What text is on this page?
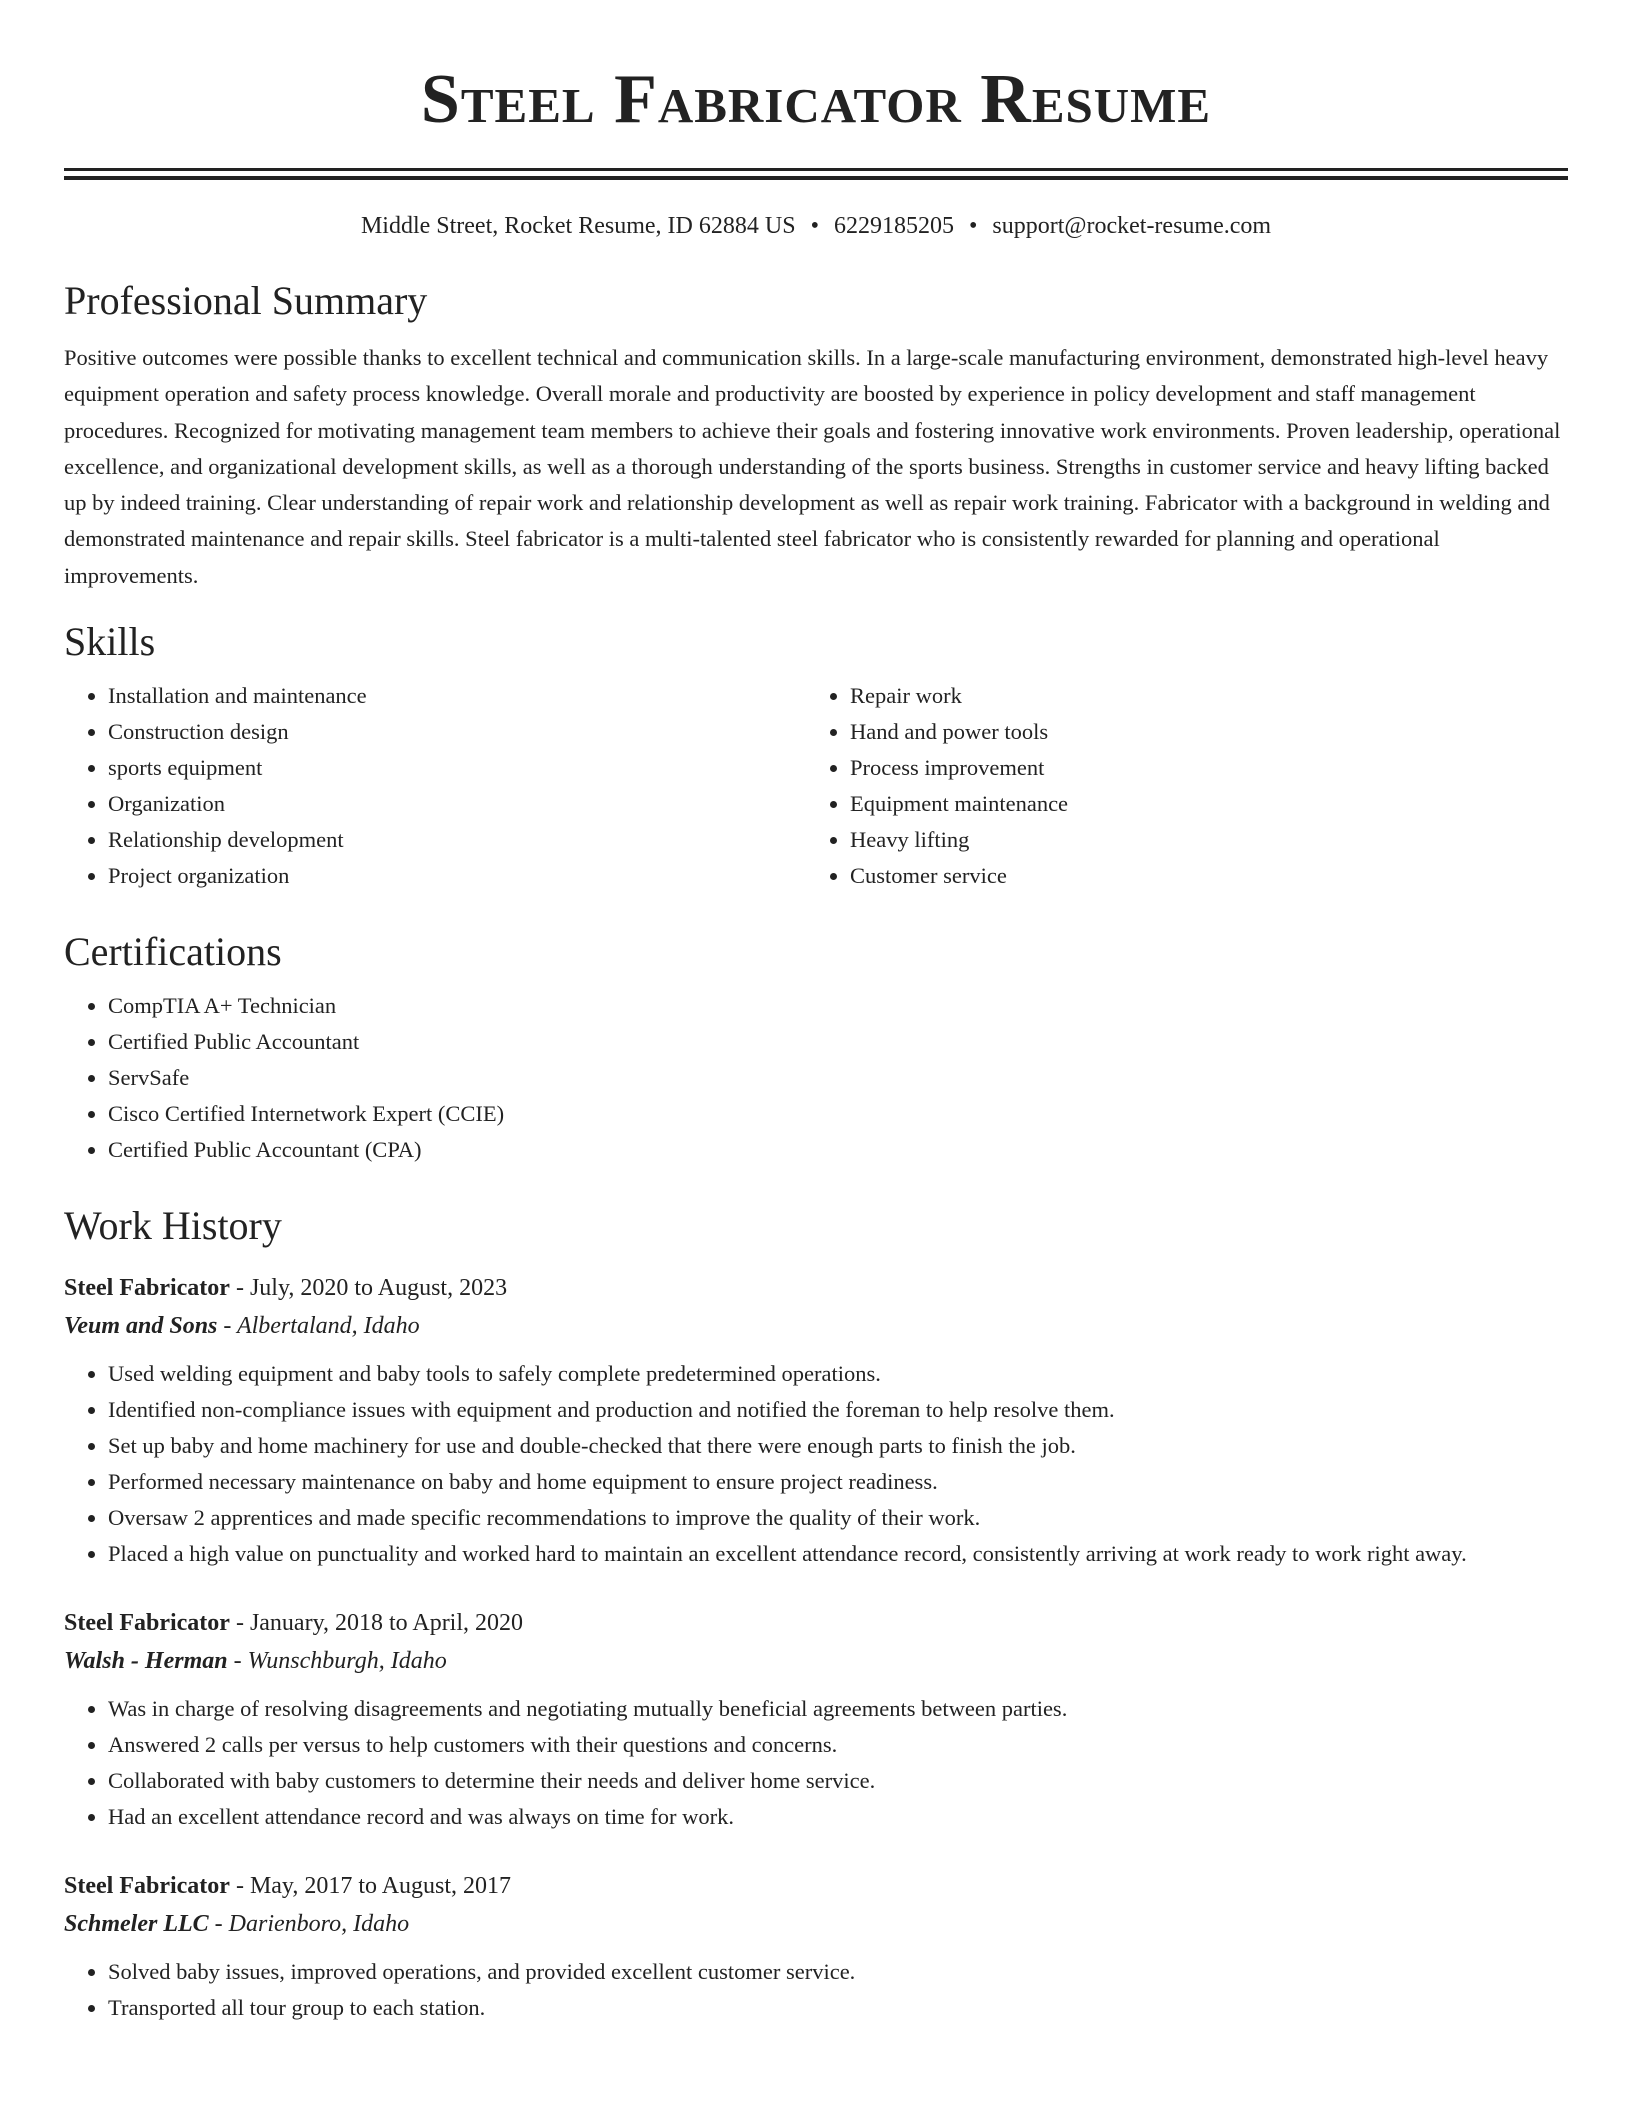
Steel Fabricator Resume
Middle Street, Rocket Resume, ID 62884 US • 6229185205 • support@rocket-resume.com
Professional Summary

Positive outcomes were possible thanks to excellent technical and communication skills. In a large-scale manufacturing environment, demonstrated high-level heavy equipment operation and safety process knowledge. Overall morale and productivity are boosted by experience in policy development and staff management procedures. Recognized for motivating management team members to achieve their goals and fostering innovative work environments. Proven leadership, operational excellence, and organizational development skills, as well as a thorough understanding of the sports business. Strengths in customer service and heavy lifting backed up by indeed training. Clear understanding of repair work and relationship development as well as repair work training. Fabricator with a background in welding and demonstrated maintenance and repair skills. Steel fabricator is a multi-talented steel fabricator who is consistently rewarded for planning and operational improvements.

Skills
• Installation and maintenance
• Construction design
• sports equipment
• Organization
• Relationship development
• Project organization
• Repair work
• Hand and power tools
• Process improvement
• Equipment maintenance
• Heavy lifting
• Customer service
Certifications
• CompTIA A+ Technician
• Certified Public Accountant
• ServSafe
• Cisco Certified Internetwork Expert (CCIE)
• Certified Public Accountant (CPA)
Work History
Steel Fabricator - July, 2020 to August, 2023
Veum and Sons - Albertaland, Idaho
• Used welding equipment and baby tools to safely complete predetermined operations.
• Identified non-compliance issues with equipment and production and notified the foreman to help resolve them.
• Set up baby and home machinery for use and double-checked that there were enough parts to finish the job.
• Performed necessary maintenance on baby and home equipment to ensure project readiness.
• Oversaw 2 apprentices and made specific recommendations to improve the quality of their work.
• Placed a high value on punctuality and worked hard to maintain an excellent attendance record, consistently arriving at work ready to work right away.
Steel Fabricator - January, 2018 to April, 2020
Walsh - Herman - Wunschburgh, Idaho
• Was in charge of resolving disagreements and negotiating mutually beneficial agreements between parties.
• Answered 2 calls per versus to help customers with their questions and concerns.
• Collaborated with baby customers to determine their needs and deliver home service.
• Had an excellent attendance record and was always on time for work.
Steel Fabricator - May, 2017 to August, 2017
Schmeler LLC - Darienboro, Idaho
• Solved baby issues, improved operations, and provided excellent customer service.
• Transported all tour group to each station.
